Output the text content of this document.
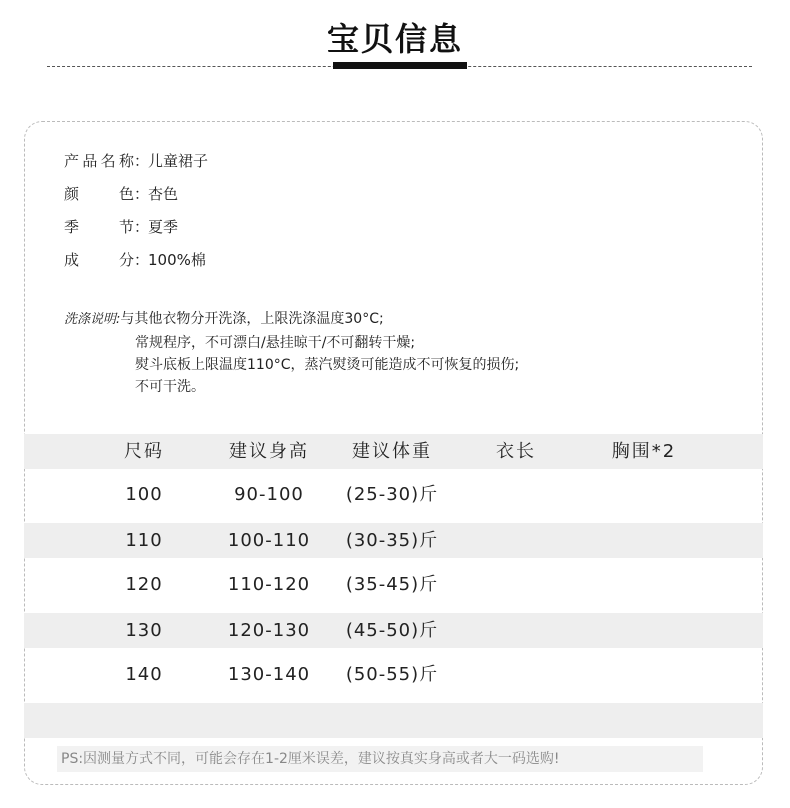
宝贝信息
产品名称：儿童裙子
颜色：杏色
季节：夏季
成分：100%棉
洗涤说明:与其他衣物分开洗涤，上限洗涤温度30°C;
常规程序，不可漂白/悬挂晾干/不可翻转干燥;
熨斗底板上限温度110°C，蒸汽熨烫可能造成不可恢复的损伤;
不可干洗。
尺码	建议身高	建议体重	衣长	胸围*2
100	90-100	(25-30)斤
110	100-110	(30-35)斤
120	110-120	(35-45)斤
130	120-130	(45-50)斤
140	130-140	(50-55)斤
PS:因测量方式不同，可能会存在1-2厘米误差，建议按真实身高或者大一码选购!
